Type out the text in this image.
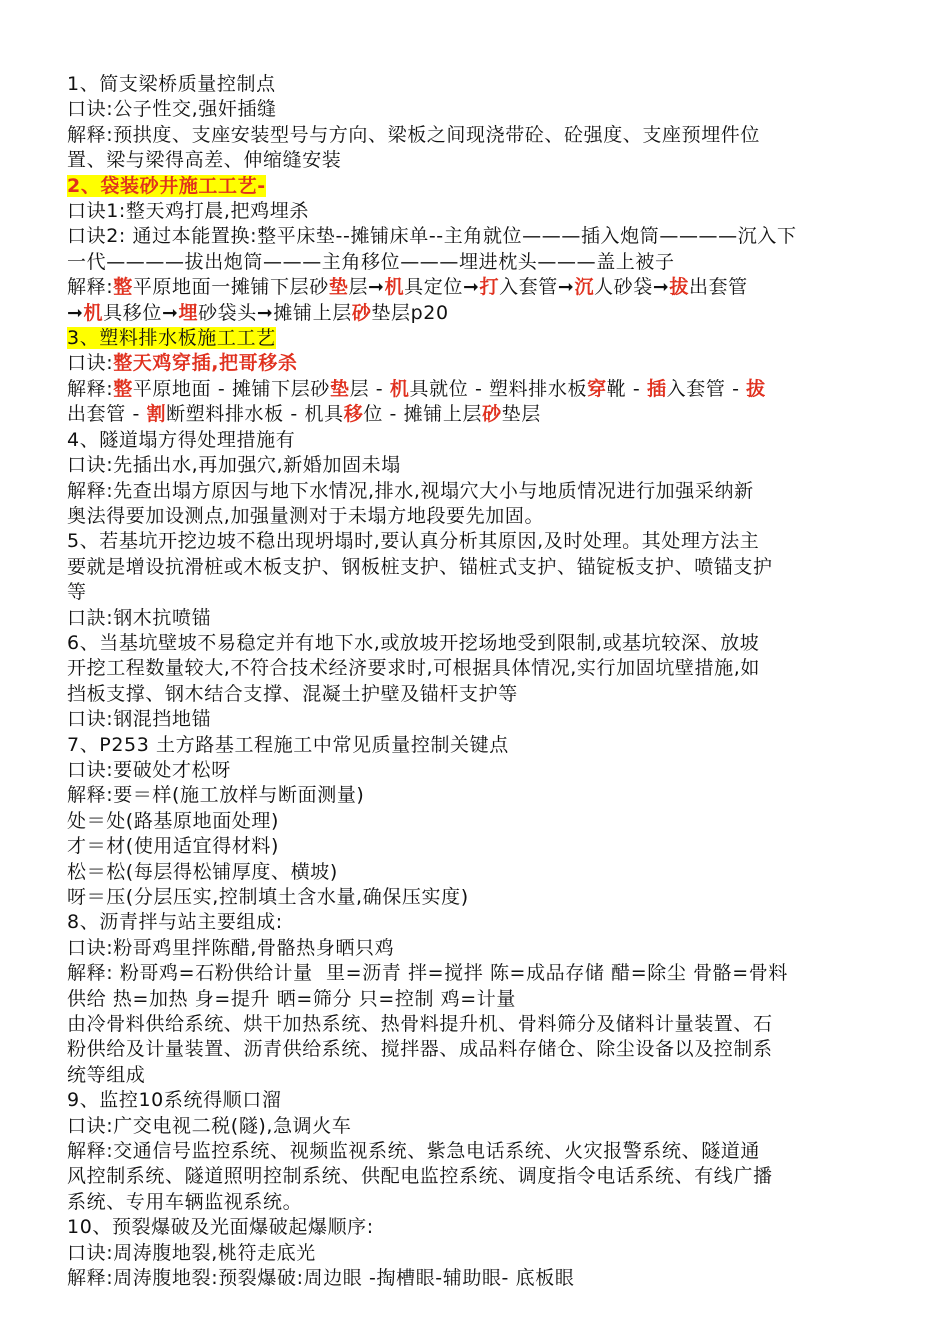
1、简支梁桥质量控制点
口诀:公子性交,强奸插缝
解释:预拱度、支座安装型号与方向、梁板之间现浇带砼、砼强度、支座预埋件位
置、梁与梁得高差、伸缩缝安装
2、袋装砂井施工工艺-
口诀1:整天鸡打晨,把鸡埋杀
口诀2: 通过本能置换:整平床垫--摊铺床单--主角就位———插入炮筒————沉入下
一代————拔出炮筒———主角移位———埋进枕头———盖上被子
解释:整平原地面一摊铺下层砂垫层➞机具定位➞打入套管➞沉人砂袋➞拔出套管
➞机具移位➞埋砂袋头➞摊铺上层砂垫层p20
3、塑料排水板施工工艺
口诀:整天鸡穿插,把哥移杀
解释:整平原地面 - 摊铺下层砂垫层 - 机具就位 - 塑料排水板穿靴 - 插入套管 - 拔
出套管 - 割断塑料排水板 - 机具移位 - 摊铺上层砂垫层
4、隧道塌方得处理措施有
口诀:先插出水,再加强穴,新婚加固未塌
解释:先查出塌方原因与地下水情况,排水,视塌穴大小与地质情况进行加强采纳新
奥法得要加设测点,加强量测对于未塌方地段要先加固。
5、若基坑开挖边坡不稳出现坍塌时,要认真分析其原因,及时处理。其处理方法主
要就是增设抗滑桩或木板支护、钢板桩支护、锚桩式支护、锚锭板支护、喷锚支护
等
口訣:钢木抗喷锚
6、当基坑壁坡不易稳定并有地下水,或放坡开挖场地受到限制,或基坑较深、放坡
开挖工程数量较大,不符合技术经济要求时,可根据具体情况,实行加固坑壁措施,如
挡板支撑、钢木结合支撑、混凝土护壁及锚杆支护等
口诀:钢混挡地锚
7、P253 土方路基工程施工中常见质量控制关键点
口诀:要破处才松呀
解释:要＝样(施工放样与断面测量)
处＝处(路基原地面处理)
才＝材(使用适宜得材料)
松＝松(每层得松铺厚度、横坡)
呀＝压(分层压实,控制填土含水量,确保压实度)
8、沥青拌与站主要组成:
口诀:粉哥鸡里拌陈醋,骨骼热身晒只鸡
解释: 粉哥鸡=石粉供给计量  里=沥青 拌=搅拌 陈=成品存储 醋=除尘 骨骼=骨料
供给 热=加热 身=提升 晒=筛分 只=控制 鸡=计量
由冷骨料供给系统、烘干加热系统、热骨料提升机、骨料筛分及储料计量装置、石
粉供给及计量装置、沥青供给系统、搅拌器、成品料存储仓、除尘设备以及控制系
统等组成
9、监控10系统得顺口溜
口诀:广交电视二税(隧),急调火车
解释:交通信号监控系统、视频监视系统、紫急电话系统、火灾报警系统、隧道通
风控制系统、隧道照明控制系统、供配电监控系统、调度指令电话系统、有线广播
系统、专用车辆监视系统。
10、预裂爆破及光面爆破起爆顺序:
口诀:周涛腹地裂,桃符走底光
解释:周涛腹地裂:预裂爆破:周边眼 -掏槽眼-辅助眼- 底板眼
